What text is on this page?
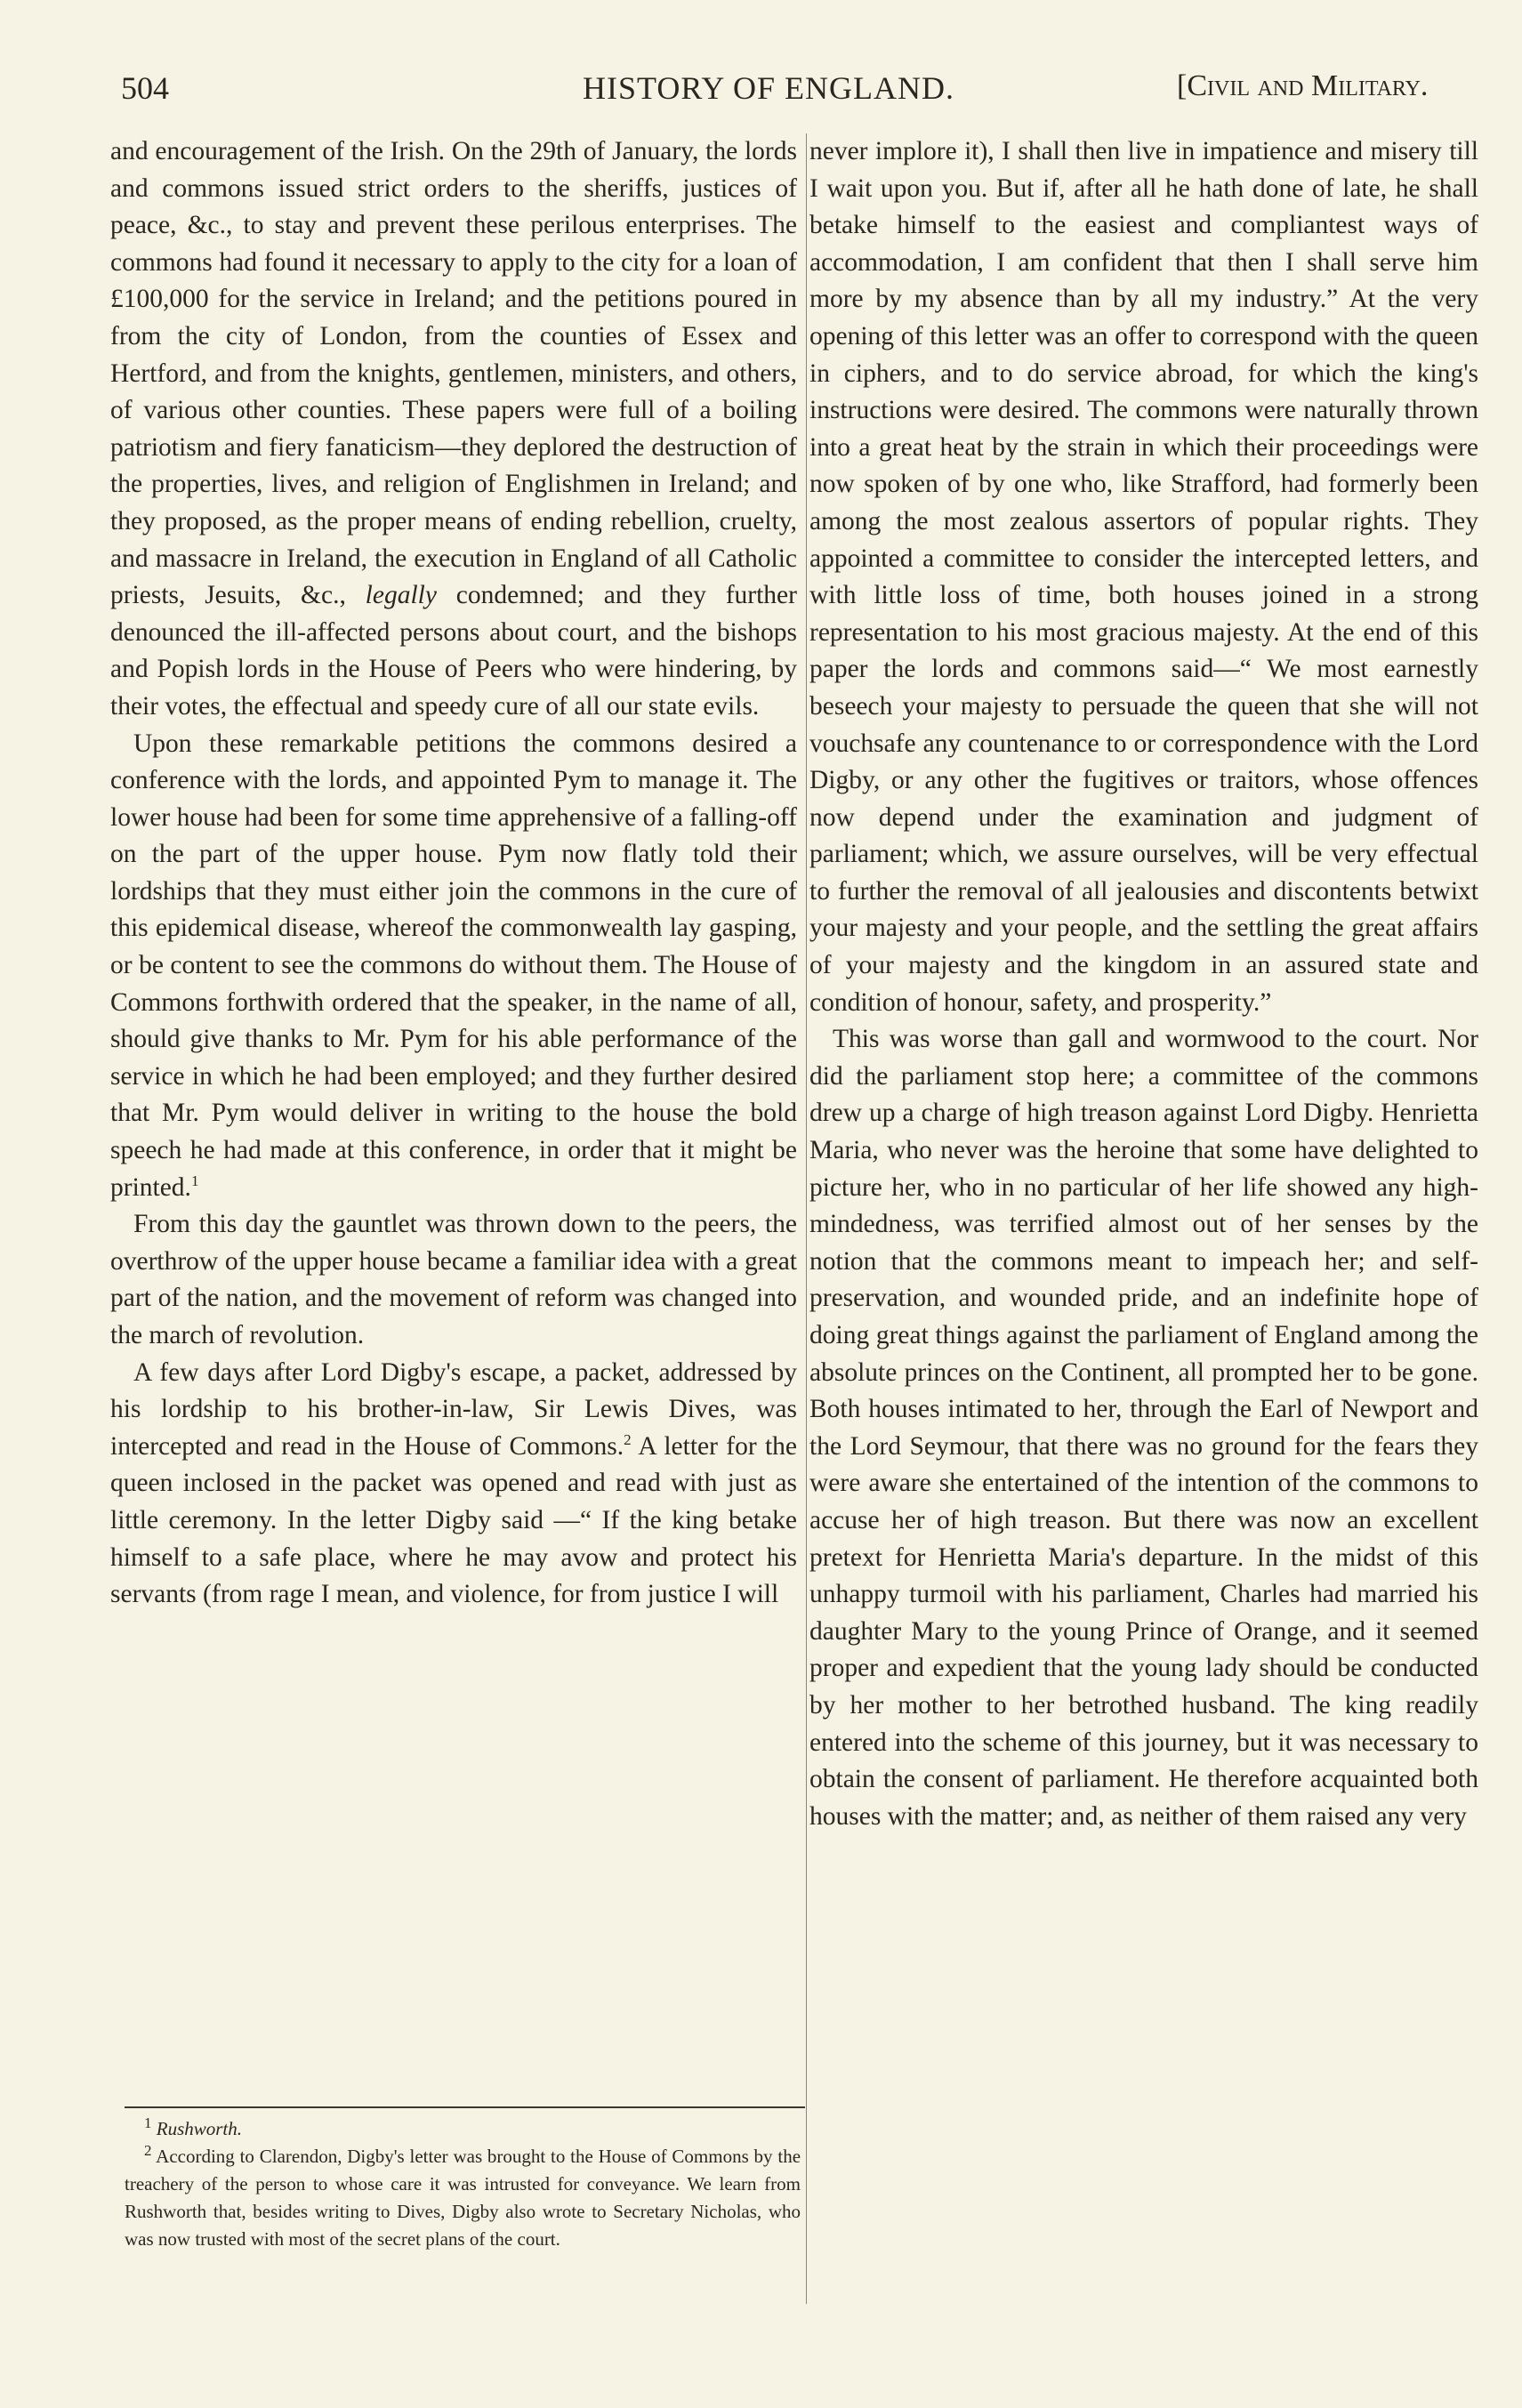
504	HISTORY OF ENGLAND.	[Civil and Military.

and encouragement of the Irish. On the 29th of January, the lords and commons issued strict orders to the sheriffs, justices of peace, &c., to stay and prevent these perilous enterprises. The commons had found it necessary to apply to the city for a loan of £100,000 for the service in Ireland; and the petitions poured in from the city of London, from the counties of Essex and Hertford, and from the knights, gentlemen, ministers, and others, of various other counties. These papers were full of a boiling patriotism and fiery fanaticism—they deplored the destruction of the properties, lives, and religion of Englishmen in Ireland; and they proposed, as the proper means of ending rebellion, cruelty, and massacre in Ireland, the execution in England of all Catholic priests, Jesuits, &c., legally condemned; and they further denounced the ill-affected persons about court, and the bishops and Popish lords in the House of Peers who were hindering, by their votes, the effectual and speedy cure of all our state evils.

Upon these remarkable petitions the commons desired a conference with the lords, and appointed Pym to manage it. The lower house had been for some time apprehensive of a falling-off on the part of the upper house. Pym now flatly told their lordships that they must either join the commons in the cure of this epidemical disease, whereof the commonwealth lay gasping, or be content to see the commons do without them. The House of Commons forthwith ordered that the speaker, in the name of all, should give thanks to Mr. Pym for his able performance of the service in which he had been employed; and they further desired that Mr. Pym would deliver in writing to the house the bold speech he had made at this conference, in order that it might be printed.$^1$

From this day the gauntlet was thrown down to the peers, the overthrow of the upper house became a familiar idea with a great part of the nation, and the movement of reform was changed into the march of revolution.

A few days after Lord Digby's escape, a packet, addressed by his lordship to his brother-in-law, Sir Lewis Dives, was intercepted and read in the House of Commons.$^2$ A letter for the queen inclosed in the packet was opened and read with just as little ceremony. In the letter Digby said —“ If the king betake himself to a safe place, where he may avow and protect his servants (from rage I mean, and violence, for from justice I will

never implore it), I shall then live in impatience and misery till I wait upon you. But if, after all he hath done of late, he shall betake himself to the easiest and compliantest ways of accommodation, I am confident that then I shall serve him more by my absence than by all my industry.” At the very opening of this letter was an offer to correspond with the queen in ciphers, and to do service abroad, for which the king's instructions were desired. The commons were naturally thrown into a great heat by the strain in which their proceedings were now spoken of by one who, like Strafford, had formerly been among the most zealous assertors of popular rights. They appointed a committee to consider the intercepted letters, and with little loss of time, both houses joined in a strong representation to his most gracious majesty. At the end of this paper the lords and commons said—“ We most earnestly beseech your majesty to persuade the queen that she will not vouchsafe any countenance to or correspondence with the Lord Digby, or any other the fugitives or traitors, whose offences now depend under the examination and judgment of parliament; which, we assure ourselves, will be very effectual to further the removal of all jealousies and discontents betwixt your majesty and your people, and the settling the great affairs of your majesty and the kingdom in an assured state and condition of honour, safety, and prosperity.”

This was worse than gall and wormwood to the court. Nor did the parliament stop here; a committee of the commons drew up a charge of high treason against Lord Digby. Henrietta Maria, who never was the heroine that some have delighted to picture her, who in no particular of her life showed any high-mindedness, was terrified almost out of her senses by the notion that the commons meant to impeach her; and self-preservation, and wounded pride, and an indefinite hope of doing great things against the parliament of England among the absolute princes on the Continent, all prompted her to be gone. Both houses intimated to her, through the Earl of Newport and the Lord Seymour, that there was no ground for the fears they were aware she entertained of the intention of the commons to accuse her of high treason. But there was now an excellent pretext for Henrietta Maria's departure. In the midst of this unhappy turmoil with his parliament, Charles had married his daughter Mary to the young Prince of Orange, and it seemed proper and expedient that the young lady should be conducted by her mother to her betrothed husband. The king readily entered into the scheme of this journey, but it was necessary to obtain the consent of parliament. He therefore acquainted both houses with the matter; and, as neither of them raised any very

$^1$ Rushworth.

$^2$ According to Clarendon, Digby's letter was brought to the House of Commons by the treachery of the person to whose care it was intrusted for conveyance. We learn from Rushworth that, besides writing to Dives, Digby also wrote to Secretary Nicholas, who was now trusted with most of the secret plans of the court.
